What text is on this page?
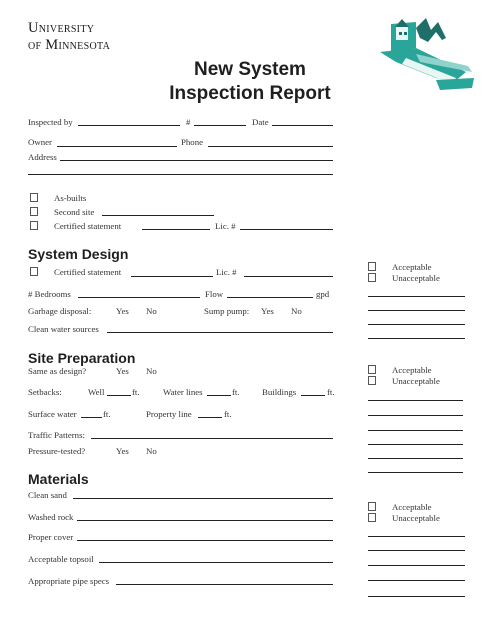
University
of Minnesota
New System
Inspection Report
Inspected by	#	Date
Owner	Phone
Address
As-builts
Second site
Certified statement	Lic. #
System Design
Certified statement	Lic. #
# Bedrooms	Flow	gpd
Garbage disposal:	Yes No	Sump pump: Yes No
Clean water sources
Acceptable
Unacceptable
Site Preparation
Same as design?	Yes No
Setbacks:	Well	ft.	Water lines	ft.	Buildings	ft.
Surface water	ft.	Property line	ft.
Traffic Patterns:
Pressure-tested?	Yes No
Acceptable
Unacceptable
Materials
Clean sand
Washed rock
Proper cover
Acceptable topsoil
Appropriate pipe specs
Acceptable
Unacceptable
